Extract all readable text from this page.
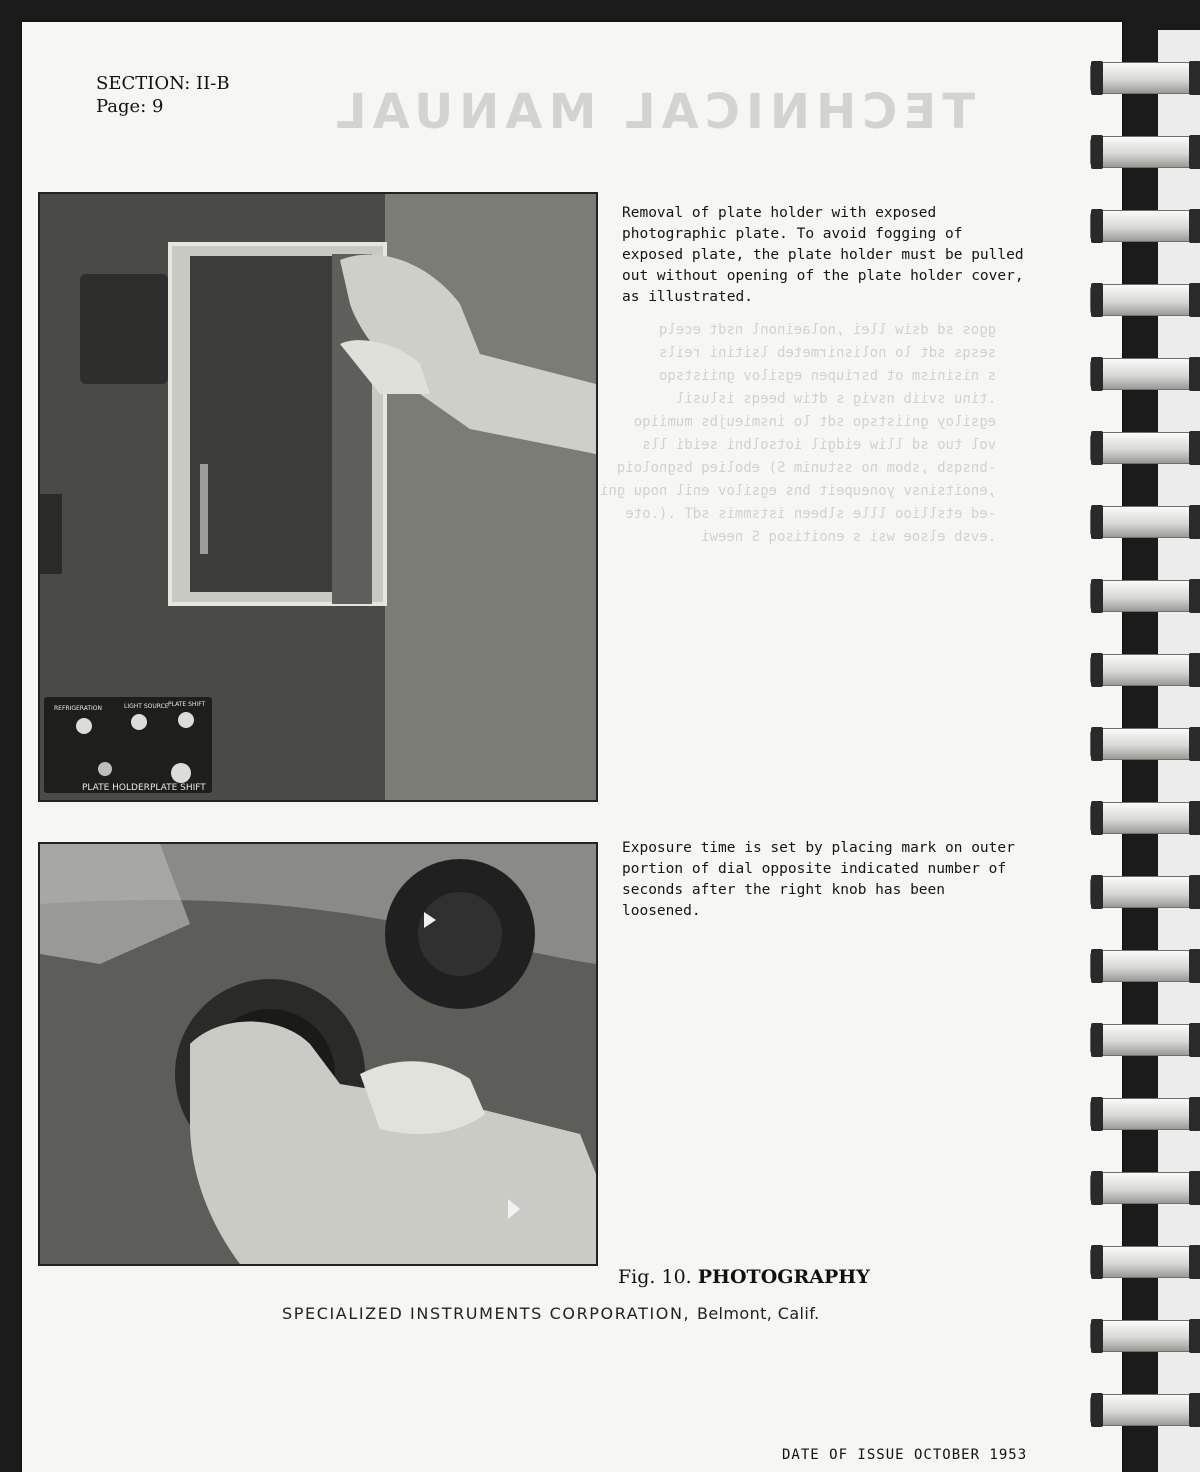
TECHNICAL MANUAL

ggos sd dsiw llei ,nolaeinonl nsdt ecelq
sesqs sdt lo nolisnirmeteb lsitini reils
s nisinism ot bsriupen egsilov gniistsqo
.tinu sviib nsvig s dtiw beeqs islusil
egsiloy gniistsqo sdt lo insmieujbs mumiiqo
vol tuo sd lliw eidgil iotsolbni seidi lls
-bnsqsb ,sbom no sstunim S) ebolieq bsgnoloiq
,enoitsinsv yoneupeit bns egsilov enil noqu gni
-ed etsllioo llle slbeen istsmmis sdT .(.ote
.evsb elsoe wsi s enoitisoq S neewi

SECTION: II-B
Page: 9
REFRIGERATION	LIGHT SOURCE PLATE SHIFT
PLATE HOLDER PLATE SHIFT
Removal of plate holder with exposed photographic plate. To avoid fogging of exposed plate, the plate holder must be pulled out without opening of the plate holder cover, as illustrated.
Exposure time is set by placing mark on outer portion of dial opposite indicated number of seconds after the right knob has been loosened.
Fig. 10. PHOTOGRAPHY
SPECIALIZED INSTRUMENTS CORPORATION, Belmont, Calif.
DATE OF ISSUE OCTOBER 1953
